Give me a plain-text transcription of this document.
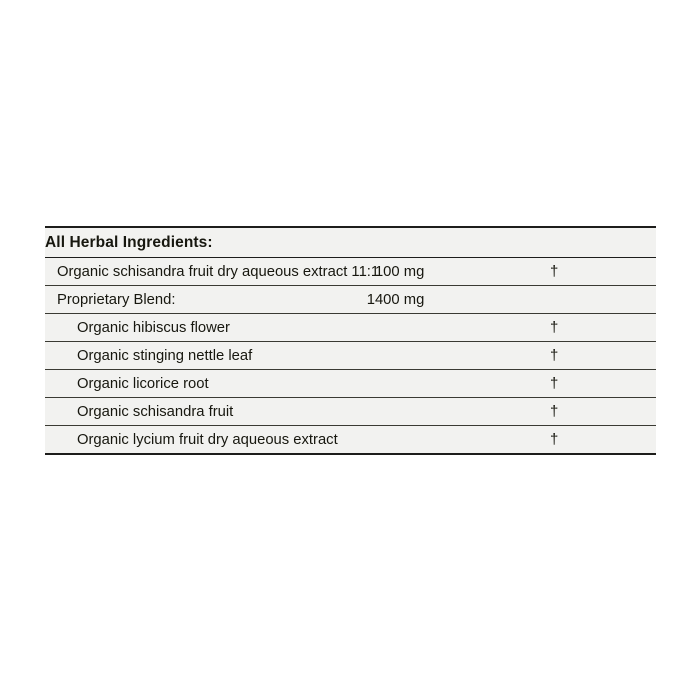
All Herbal Ingredients:		
Organic schisandra fruit dry aqueous extract 11:1	100 mg	†
Proprietary Blend:	1400 mg	
Organic hibiscus flower		†
Organic stinging nettle leaf		†
Organic licorice root		†
Organic schisandra fruit		†
Organic lycium fruit dry aqueous extract		†
